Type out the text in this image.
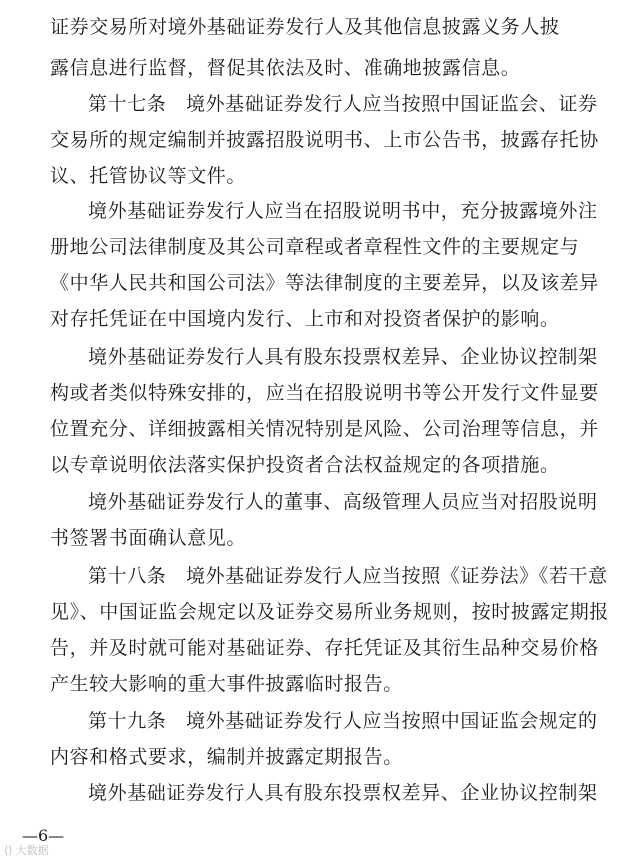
证券交易所对境外基础证券发行人及其他信息披露义务人披
露信息进行监督，督促其依法及时、准确地披露信息。
第十七条　境外基础证券发行人应当按照中国证监会、证券
交易所的规定编制并披露招股说明书、上市公告书，披露存托协
议、托管协议等文件。
境外基础证券发行人应当在招股说明书中，充分披露境外注
册地公司法律制度及其公司章程或者章程性文件的主要规定与
《中华人民共和国公司法》等法律制度的主要差异，以及该差异
对存托凭证在中国境内发行、上市和对投资者保护的影响。
境外基础证券发行人具有股东投票权差异、企业协议控制架
构或者类似特殊安排的，应当在招股说明书等公开发行文件显要
位置充分、详细披露相关情况特别是风险、公司治理等信息，并
以专章说明依法落实保护投资者合法权益规定的各项措施。
境外基础证券发行人的董事、高级管理人员应当对招股说明
书签署书面确认意见。
第十八条　境外基础证券发行人应当按照《证券法》《若干意
见》、中国证监会规定以及证券交易所业务规则，按时披露定期报
告，并及时就可能对基础证券、存托凭证及其衍生品种交易价格
产生较大影响的重大事件披露临时报告。
第十九条　境外基础证券发行人应当按照中国证监会规定的
内容和格式要求，编制并披露定期报告。
境外基础证券发行人具有股东投票权差异、企业协议控制架
—6—
⟨⟩ 大数据
